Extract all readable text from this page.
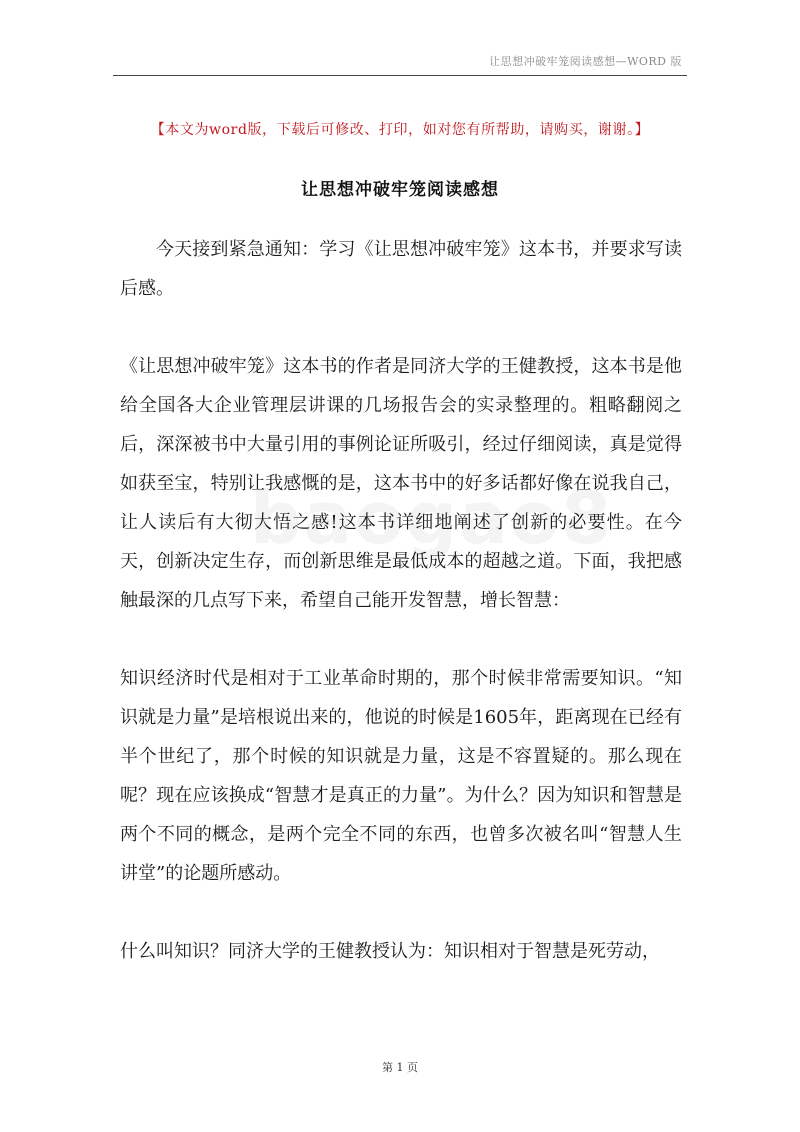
让思想冲破牢笼阅读感想—WORD 版
【本文为word版，下载后可修改、打印，如对您有所帮助，请购买，谢谢。】
让思想冲破牢笼阅读感想

今天接到紧急通知：学习《让思想冲破牢笼》这本书，并要求写读后感。

《让思想冲破牢笼》这本书的作者是同济大学的王健教授，这本书是他给全国各大企业管理层讲课的几场报告会的实录整理的。粗略翻阅之后，深深被书中大量引用的事例论证所吸引，经过仔细阅读，真是觉得如获至宝，特别让我感慨的是，这本书中的好多话都好像在说我自己，让人读后有大彻大悟之感!这本书详细地阐述了创新的必要性。在今天，创新决定生存，而创新思维是最低成本的超越之道。下面，我把感触最深的几点写下来，希望自己能开发智慧，增长智慧：

知识经济时代是相对于工业革命时期的，那个时候非常需要知识。“知识就是力量”是培根说出来的，他说的时候是1605年，距离现在已经有半个世纪了，那个时候的知识就是力量，这是不容置疑的。那么现在呢？现在应该换成“智慧才是真正的力量”。为什么？因为知识和智慧是两个不同的概念，是两个完全不同的东西，也曾多次被名叫“智慧人生讲堂”的论题所感动。

什么叫知识？同济大学的王健教授认为：知识相对于智慧是死劳动，

第 1 页
